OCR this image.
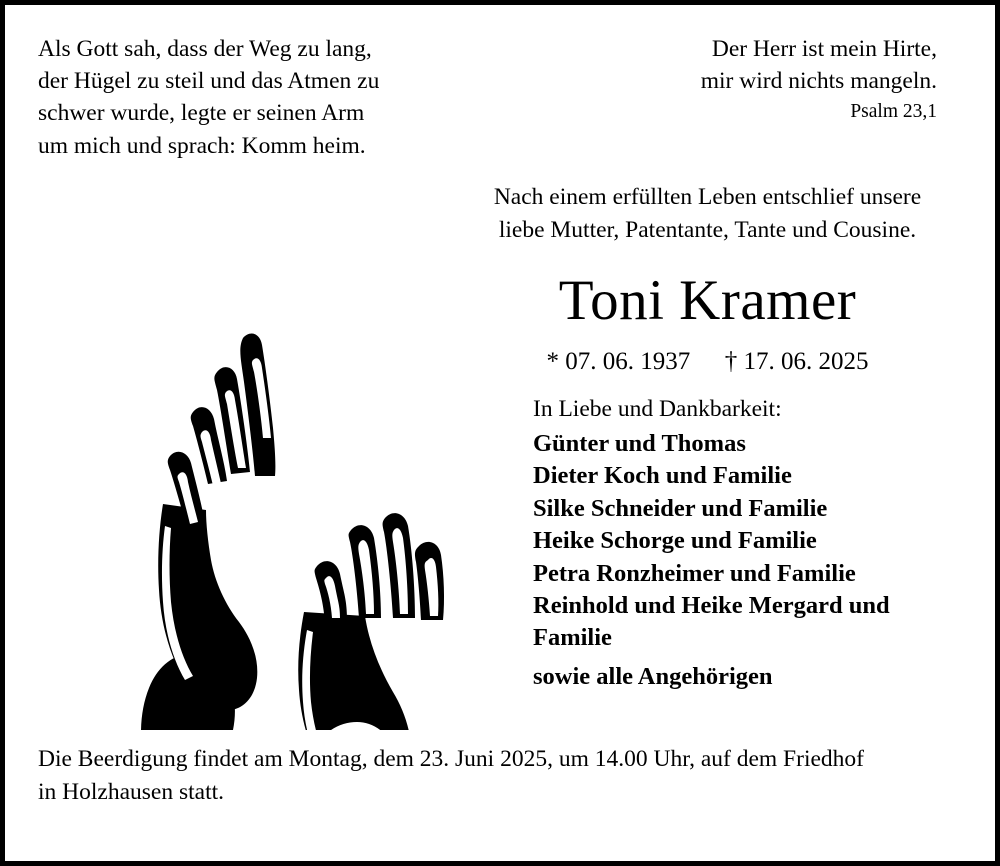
Als Gott sah, dass der Weg zu lang,
der Hügel zu steil und das Atmen zu
schwer wurde, legte er seinen Arm
um mich und sprach: Komm heim.
Der Herr ist mein Hirte,
mir wird nichts mangeln.
Psalm 23,1
Nach einem erfüllten Leben entschlief unsere
liebe Mutter, Patentante, Tante und Cousine.
Toni Kramer
* 07. 06. 1937 † 17. 06. 2025
In Liebe und Dankbarkeit:
Günter und Thomas
Dieter Koch und Familie
Silke Schneider und Familie
Heike Schorge und Familie
Petra Ronzheimer und Familie
Reinhold und Heike Mergard und
Familie
sowie alle Angehörigen
Die Beerdigung findet am Montag, dem 23. Juni 2025, um 14.00 Uhr, auf dem Friedhof
in Holzhausen statt.
